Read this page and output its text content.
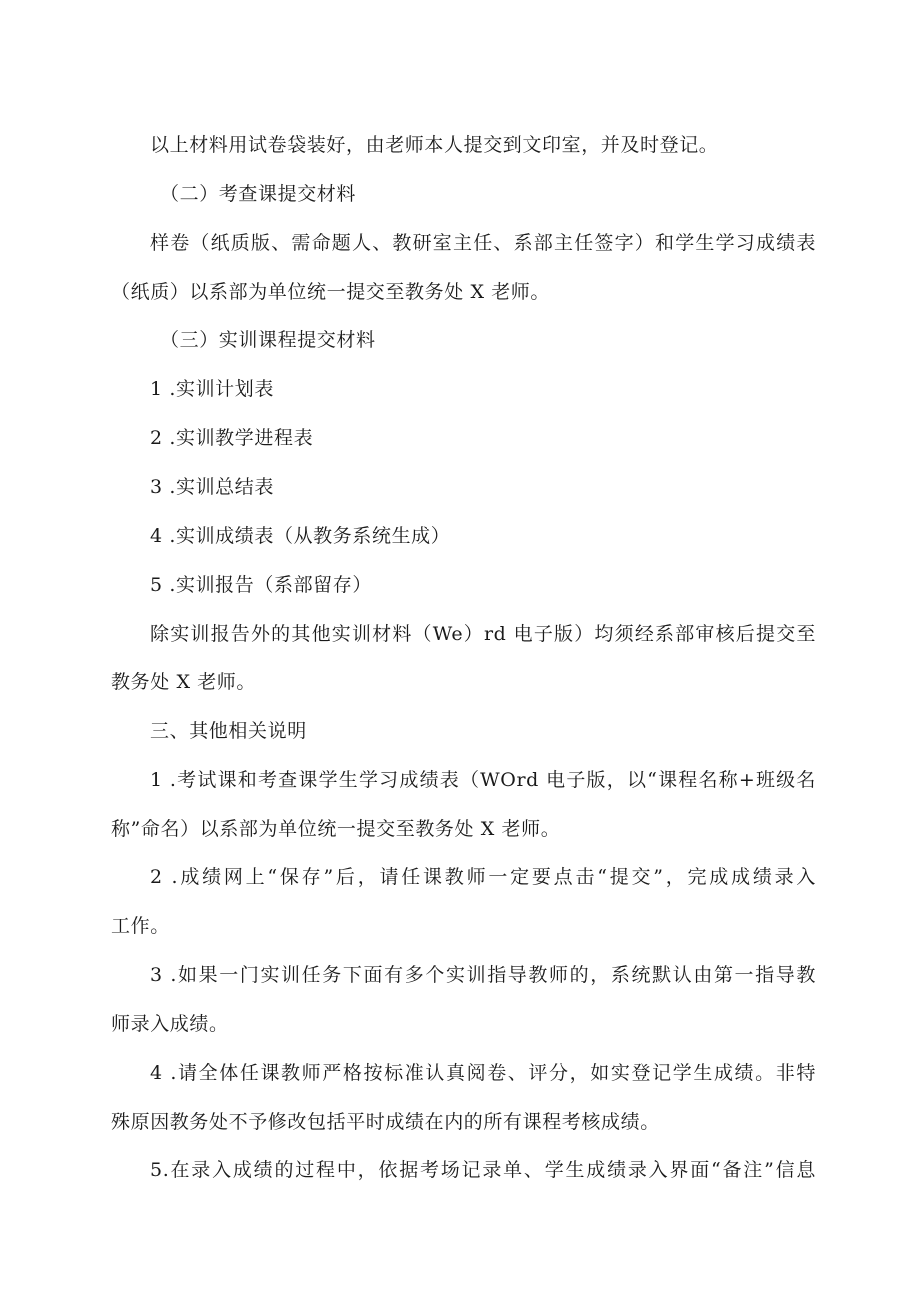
以上材料用试卷袋装好，由老师本人提交到文印室，并及时登记。
（二）考查课提交材料
样卷（纸质版、需命题人、教研室主任、系部主任签字）和学生学习成绩表
（纸质）以系部为单位统一提交至教务处 X 老师。
（三）实训课程提交材料
1 .实训计划表
2 .实训教学进程表
3 .实训总结表
4 .实训成绩表（从教务系统生成）
5 .实训报告（系部留存）
除实训报告外的其他实训材料（We）rd 电子版）均须经系部审核后提交至
教务处 X 老师。
三、其他相关说明
1 .考试课和考查课学生学习成绩表（WOrd 电子版，以“课程名称+班级名
称”命名）以系部为单位统一提交至教务处 X 老师。
2 .成绩网上“保存”后，请任课教师一定要点击“提交”，完成成绩录入
工作。
3 .如果一门实训任务下面有多个实训指导教师的，系统默认由第一指导教
师录入成绩。
4 .请全体任课教师严格按标准认真阅卷、评分，如实登记学生成绩。非特
殊原因教务处不予修改包括平时成绩在内的所有课程考核成绩。
5.在录入成绩的过程中，依据考场记录单、学生成绩录入界面“备注”信息
